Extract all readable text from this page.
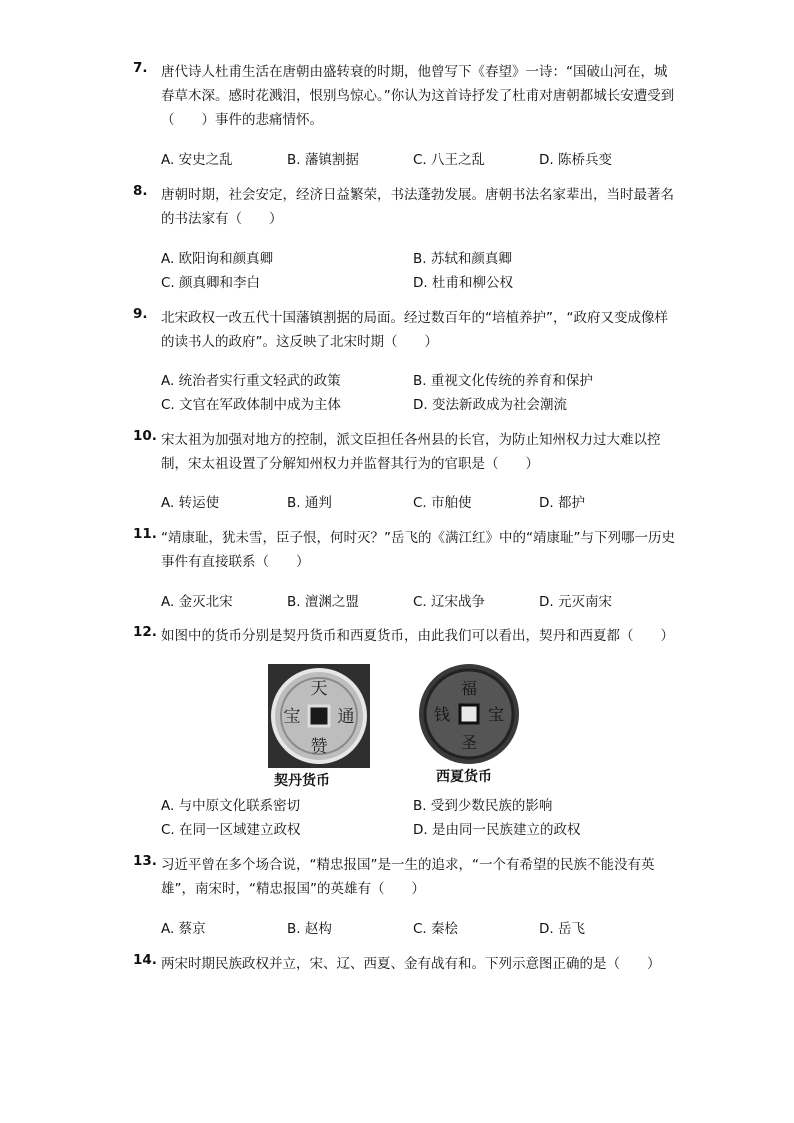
7. 唐代诗人杜甫生活在唐朝由盛转衰的时期，他曾写下《春望》一诗：“国破山河在，城春草木深。感时花溅泪，恨别鸟惊心。”你认为这首诗抒发了杜甫对唐朝都城长安遭受到（　　）事件的悲痛情怀。
A. 安史之乱	B. 藩镇割据	C. 八王之乱	D. 陈桥兵变
8. 唐朝时期，社会安定，经济日益繁荣，书法蓬勃发展。唐朝书法名家辈出，当时最著名的书法家有（　　）
A. 欧阳询和颜真卿	B. 苏轼和颜真卿
C. 颜真卿和李白	D. 杜甫和柳公权
9. 北宋政权一改五代十国藩镇割据的局面。经过数百年的“培植养护”，“政府又变成像样的读书人的政府”。这反映了北宋时期（　　）
A. 统治者实行重文轻武的政策	B. 重视文化传统的养育和保护
C. 文官在军政体制中成为主体	D. 变法新政成为社会潮流
10. 宋太祖为加强对地方的控制，派文臣担任各州县的长官，为防止知州权力过大难以控制，宋太祖设置了分解知州权力并监督其行为的官职是（　　）
A. 转运使	B. 通判	C. 市舶使	D. 都护
11. “靖康耻，犹未雪，臣子恨，何时灭？”岳飞的《满江红》中的“靖康耻”与下列哪一历史事件有直接联系（　　）
A. 金灭北宋	B. 澶渊之盟	C. 辽宋战争	D. 元灭南宋
12. 如图中的货币分别是契丹货币和西夏货币，由此我们可以看出，契丹和西夏都（　　）
天
赞
通
宝
契丹货币
福
圣
宝
钱
西夏货币
A. 与中原文化联系密切	B. 受到少数民族的影响
C. 在同一区域建立政权	D. 是由同一民族建立的政权
13. 习近平曾在多个场合说，“精忠报国”是一生的追求，“一个有希望的民族不能没有英雄”，南宋时，“精忠报国”的英雄有（　　）
A. 蔡京	B. 赵构	C. 秦桧	D. 岳飞
14. 两宋时期民族政权并立，宋、辽、西夏、金有战有和。下列示意图正确的是（　　）
